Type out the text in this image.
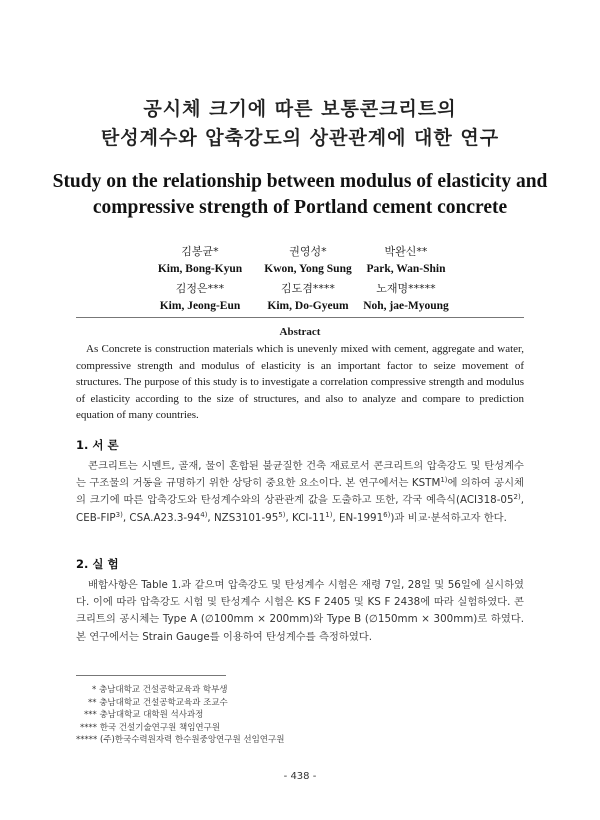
공시체 크기에 따른 보통콘크리트의
탄성계수와 압축강도의 상관관계에 대한 연구
Study on the relationship between modulus of elasticity and
compressive strength of Portland cement concrete
김봉균*
Kim, Bong-Kyun
권영성*
Kwon, Yong Sung
박완신**
Park, Wan-Shin
김정은***
Kim, Jeong-Eun
김도겸****
Kim, Do-Gyeum
노재명*****
Noh, jae-Myoung
Abstract
As Concrete is construction materials which is unevenly mixed with cement, aggregate and water, compressive strength and modulus of elasticity is an important factor to seize movement of structures. The purpose of this study is to investigate a correlation compressive strength and modulus of elasticity according to the size of structures, and also to analyze and compare to prediction equation of many countries.
1. 서 론
콘크리트는 시멘트, 골재, 물이 혼합된 불균질한 건축 재료로서 콘크리트의 압축강도 및 탄성계수는 구조물의 거동을 규명하기 위한 상당히 중요한 요소이다. 본 연구에서는 KSTM$^{1)}$에 의하여 공시체의 크기에 따른 압축강도와 탄성계수와의 상관관계 값을 도출하고 또한, 각국 예측식(ACI318-05$^{2)}$, CEB-FIP$^{3)}$, CSA.A23.3-94$^{4)}$, NZS3101-95$^{5)}$, KCI-11$^{1)}$, EN-1991$^{6)}$)과 비교·분석하고자 한다.
2. 실 험
배합사항은 Table 1.과 같으며 압축강도 및 탄성계수 시험은 재령 7일, 28일 및 56일에 실시하였다. 이에 따라 압축강도 시험 및 탄성계수 시험은 KS F 2405 및 KS F 2438에 따라 실험하였다. 콘크리트의 공시체는 Type A (∅100mm × 200mm)와 Type B (∅150mm × 300mm)로 하였다. 본 연구에서는 Strain Gauge를 이용하여 탄성계수를 측정하였다.
* 충남대학교 건설공학교육과 학부생
** 충남대학교 건설공학교육과 조교수
*** 충남대학교 대학원 석사과정
**** 한국 건설기술연구원 책임연구원
***** (주)한국수력원자력 한수원중앙연구원 선임연구원
- 438 -
